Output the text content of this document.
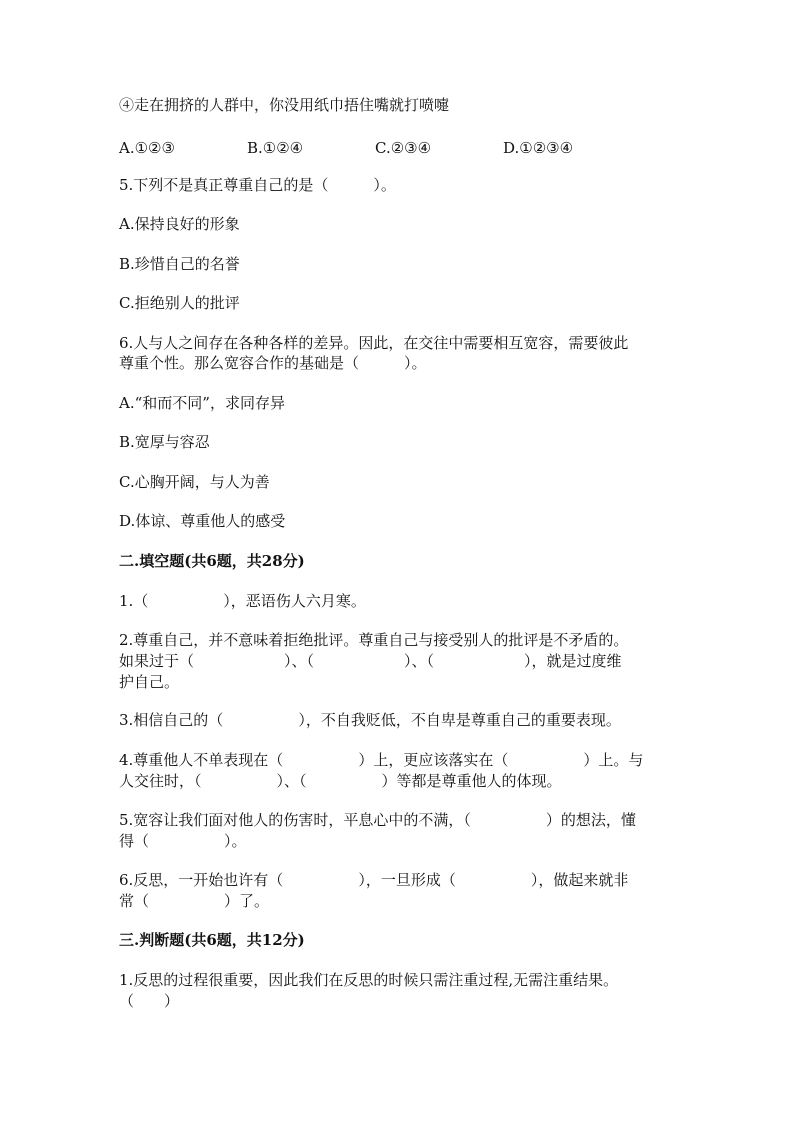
④走在拥挤的人群中，你没用纸巾捂住嘴就打喷嚏
A.①②③	B.①②④	C.②③④	D.①②③④
5.下列不是真正尊重自己的是（　　　）。
A.保持良好的形象
B.珍惜自己的名誉
C.拒绝别人的批评
6.人与人之间存在各种各样的差异。因此，在交往中需要相互宽容，需要彼此
尊重个性。那么宽容合作的基础是（　　　）。
A.“和而不同”，求同存异
B.宽厚与容忍
C.心胸开阔，与人为善
D.体谅、尊重他人的感受
二.填空题(共6题，共28分)
1.（　　　　　），恶语伤人六月寒。
2.尊重自己，并不意味着拒绝批评。尊重自己与接受别人的批评是不矛盾的。
如果过于（　　　　　　）、（　　　　　　）、（　　　　　　），就是过度维
护自己。
3.相信自己的（　　　　　），不自我贬低，不自卑是尊重自己的重要表现。
4.尊重他人不单表现在（　　　　　）上，更应该落实在（　　　　　）上。与
人交往时，（　　　　　）、（　　　　　）等都是尊重他人的体现。
5.宽容让我们面对他人的伤害时，平息心中的不满，（　　　　　）的想法，懂
得（　　　　　）。
6.反思，一开始也许有（　　　　　），一旦形成（　　　　　），做起来就非
常（　　　　　）了。
三.判断题(共6题，共12分)
1.反思的过程很重要，因此我们在反思的时候只需注重过程,无需注重结果。
（　　）
